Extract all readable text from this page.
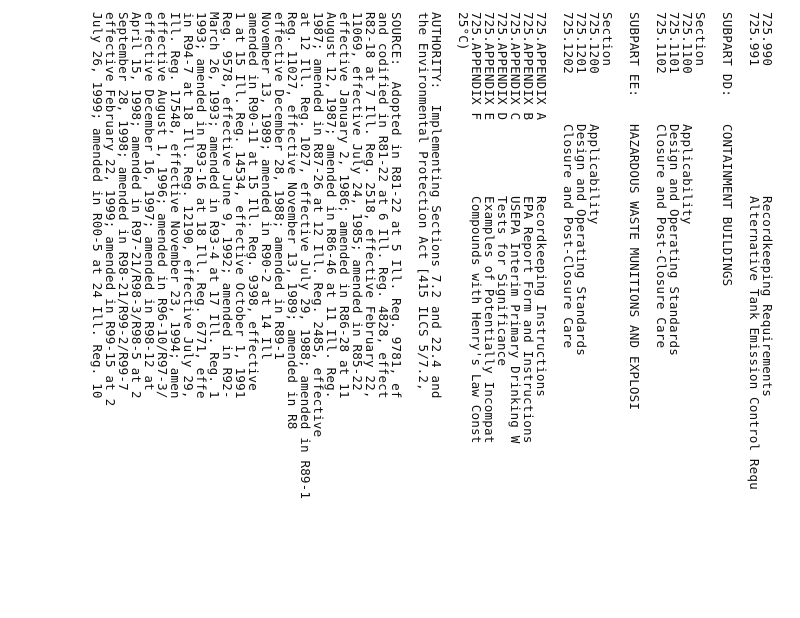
725.990
Recordkeeping Requirements
725.991
Alternative Tank Emission Control Requ
SUBPART DD:
CONTAINMENT BUILDINGS
Section
725.1100
Applicability
725.1101
Design and Operating Standards
725.1102
Closure and Post-Closure Care
SUBPART EE:
HAZARDOUS WASTE MUNITIONS AND EXPLOSI
Section
725.1200
Applicability
725.1201
Design and Operating Standards
725.1202
Closure and Post-Closure Care
725.APPENDIX A
Recordkeeping Instructions
725.APPENDIX B
EPA Report Form and Instructions
725.APPENDIX C
USEPA Interim Primary Drinking W
725.APPENDIX D
Tests for Significance
725.APPENDIX E
Examples of Potentially Incompat
725.APPENDIX F
Compounds with Henry's Law Const
25°C)
AUTHORITY:  Implementing Sections 7.2 and 22.4 and
the Environmental Protection Act [415 ILCS 5/7.2,
SOURCE:  Adopted in R81-22 at 5 Ill. Reg. 9781, ef
and codified in R81-22 at 6 Ill. Reg. 4828, effect
R82-18 at 7 Ill. Reg. 2518, effective February 22,
11069, effective July 24, 1985; amended in R85-22
effective January 2, 1986; amended in R86-28 at 11
August 12, 1987; amended in R86-46 at 11 Ill. Reg.
1987; amended in R87-26 at 12 Ill. Reg. 2485, effective
at 12 Ill. Reg. 1027, effective July 29, 1988; amended in R89-1
Reg. 11027, effective November 13, 1989; amended in R8
effective December 28, 1988; amended in R89-1
November 13, 1989; amended in R90-2 at 14 Ill
amended in R90-11 at 15 Ill. Reg. 9398, effective
1 at 15 Ill. Reg. 14534, effective October 1, 1991
Reg. 9578, effective June 9, 1992; amended in R92-
March 26, 1993; amended in R93-4 at 17 Ill. Reg. 1
1993; amended in R93-16 at 18 Ill. Reg. 6771, effe
in R94-7 at 18 Ill. Reg. 12190, effective July 29,
Ill. Reg. 17548, effective November 23, 1994; amen
effective August 1, 1996; amended in R96-10/R97-3/
effective December 16, 1997; amended in R98-12 at
April 15, 1998; amended in R97-21/R98-3/R98-5 at 2
September 28, 1998; amended in R98-21/R99-2/R99-7
effective February 22, 1999; amended in R99-15 at 2
July 26, 1999; amended in R00-5 at 24 Ill. Reg. 10
